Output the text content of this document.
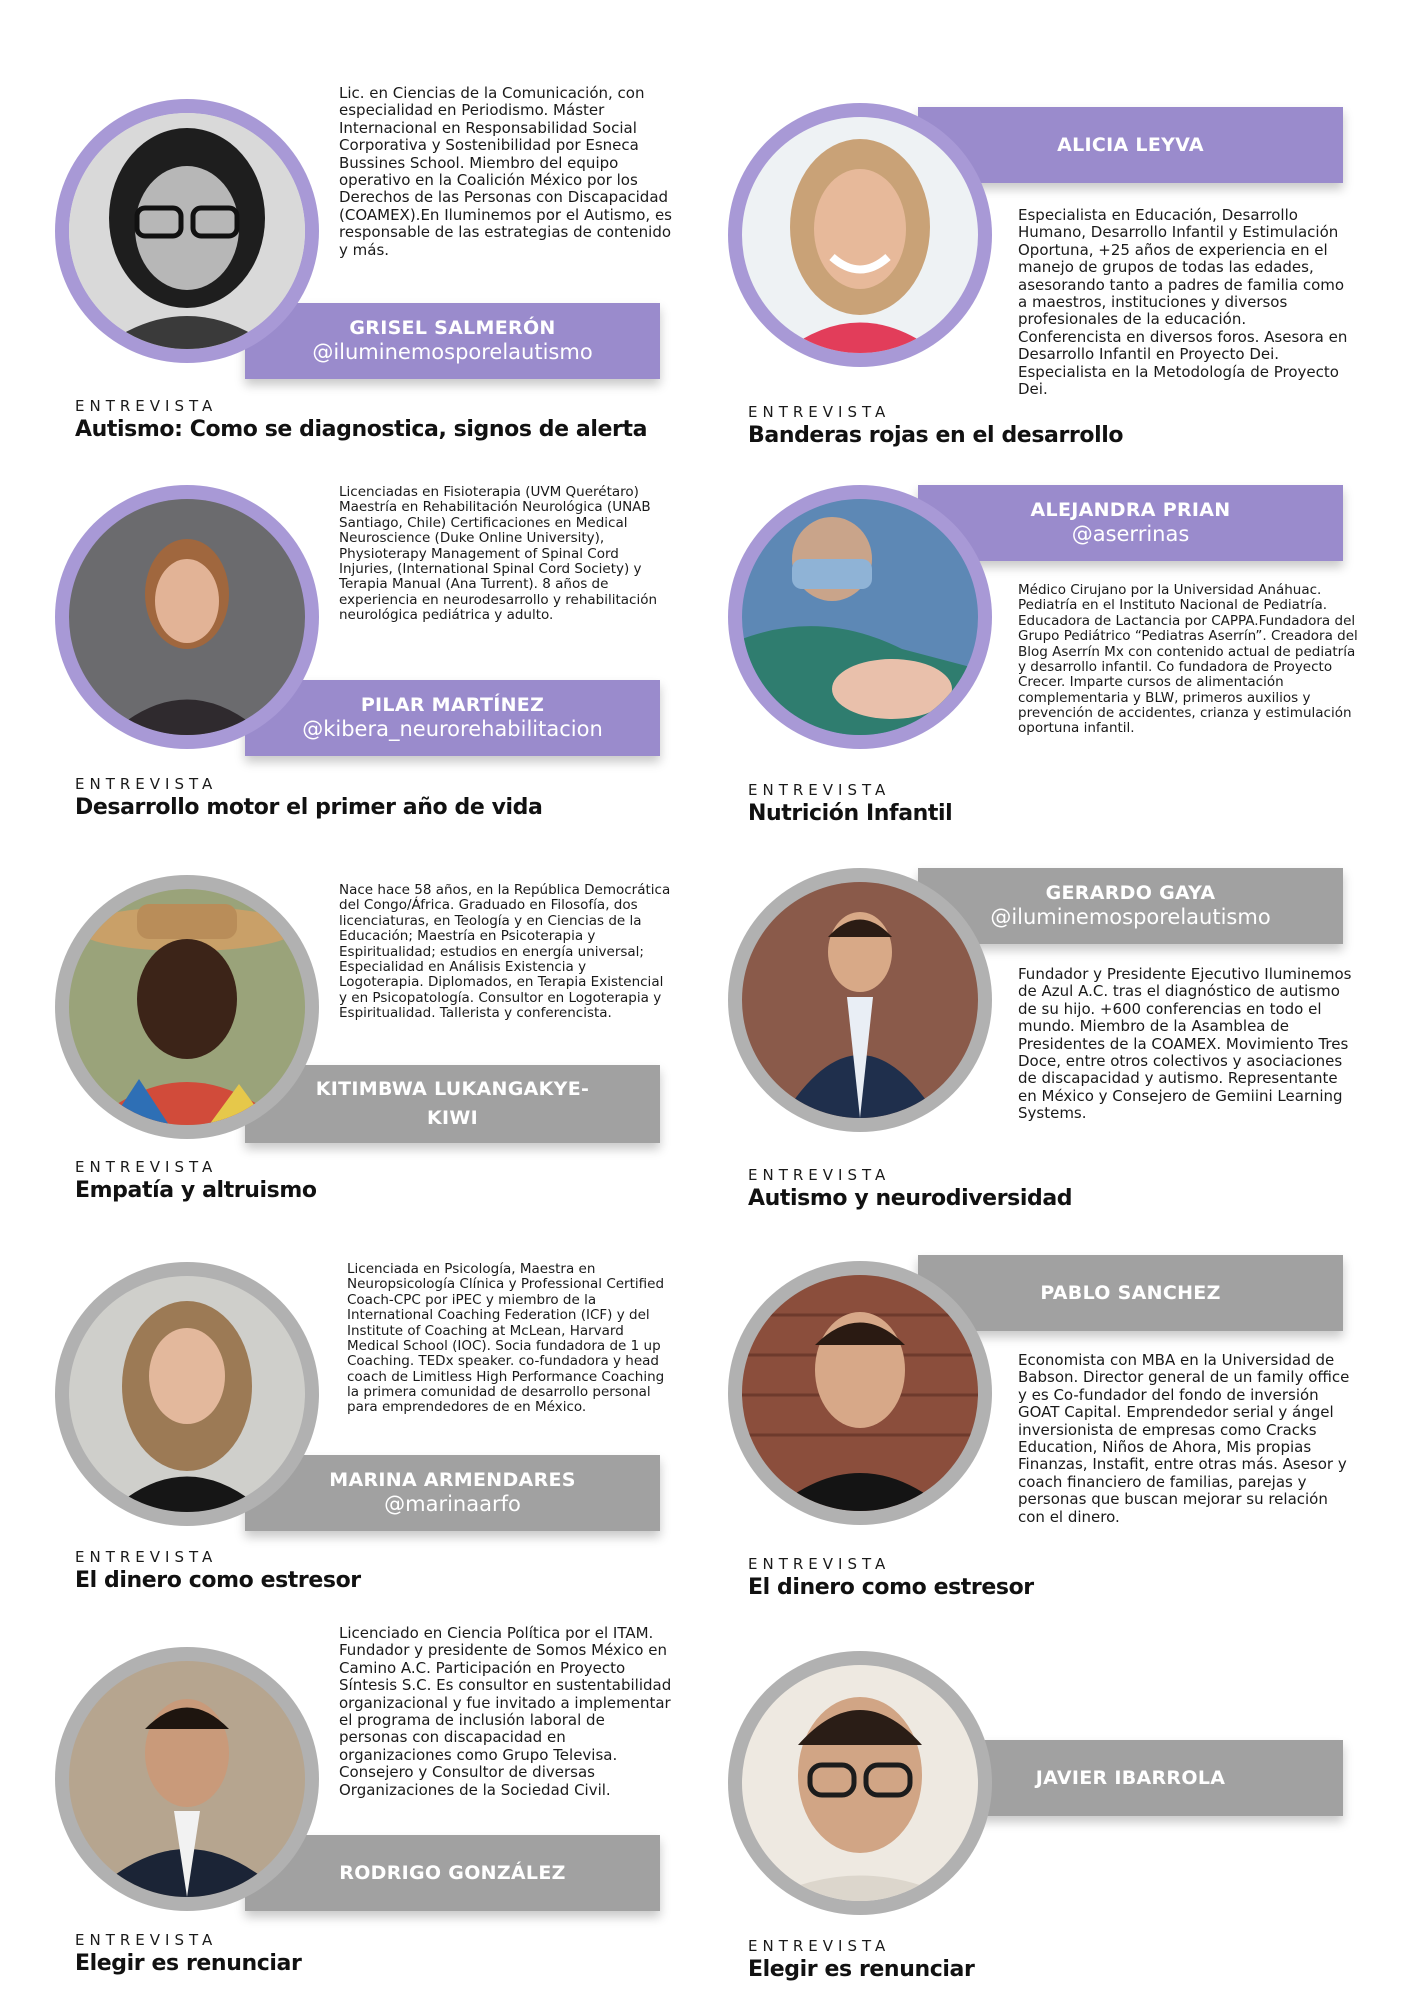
GRISEL SALMERÓN
@iluminemosporelautismo
Lic. en Ciencias de la Comunicación, con especialidad en Periodismo. Máster Internacional en Responsabilidad Social Corporativa y Sostenibilidad por Esneca Bussines School. Miembro del equipo operativo en la Coalición México por los Derechos de las Personas con Discapacidad (COAMEX).En Iluminemos por el Autismo, es responsable de las estrategias de contenido y más.
ENTREVISTA
Autismo: Como se diagnostica, signos de alerta
ALICIA LEYVA
Especialista en Educación, Desarrollo Humano, Desarrollo Infantil y Estimulación Oportuna, +25 años de experiencia en el manejo de grupos de todas las edades, asesorando tanto a padres de familia como a maestros, instituciones y diversos profesionales de la educación. Conferencista en diversos foros. Asesora en Desarrollo Infantil en Proyecto Dei. Especialista en la Metodología de Proyecto Dei.
ENTREVISTA
Banderas rojas en el desarrollo
PILAR MARTÍNEZ
@kibera_neurorehabilitacion
Licenciadas en Fisioterapia (UVM Querétaro) Maestría en Rehabilitación Neurológica (UNAB Santiago, Chile) Certificaciones en Medical Neuroscience (Duke Online University), Physioterapy Management of Spinal Cord Injuries, (International Spinal Cord Society) y Terapia Manual (Ana Turrent). 8 años de experiencia en neurodesarrollo y rehabilitación neurológica pediátrica y adulto.
ENTREVISTA
Desarrollo motor el primer año de vida
ALEJANDRA PRIAN
@aserrinas
Médico Cirujano por la Universidad Anáhuac. Pediatría en el Instituto Nacional de Pediatría. Educadora de Lactancia por CAPPA.Fundadora del Grupo Pediátrico “Pediatras Aserrín”. Creadora del Blog Aserrín Mx con contenido actual de pediatría y desarrollo infantil. Co fundadora de Proyecto Crecer. Imparte cursos de alimentación complementaria y BLW, primeros auxilios y prevención de accidentes, crianza y estimulación oportuna infantil.
ENTREVISTA
Nutrición Infantil
KITIMBWA LUKANGAKYE-KIWI
Nace hace 58 años, en la República Democrática del Congo/África. Graduado en Filosofía, dos licenciaturas, en Teología y en Ciencias de la Educación; Maestría en Psicoterapia y Espiritualidad; estudios en energía universal; Especialidad en Análisis Existencia y Logoterapia. Diplomados, en Terapia Existencial y en Psicopatología. Consultor en Logoterapia y Espiritualidad. Tallerista y conferencista.
ENTREVISTA
Empatía y altruismo
GERARDO GAYA
@iluminemosporelautismo
Fundador y Presidente Ejecutivo Iluminemos de Azul A.C. tras el diagnóstico de autismo de su hijo. +600 conferencias en todo el mundo. Miembro de la Asamblea de Presidentes de la COAMEX. Movimiento Tres Doce, entre otros colectivos y asociaciones de discapacidad y autismo. Representante en México y Consejero de Gemiini Learning Systems.
ENTREVISTA
Autismo y neurodiversidad
MARINA ARMENDARES
@marinaarfo
Licenciada en Psicología, Maestra en Neuropsicología Clínica y Professional Certified Coach-CPC por iPEC y miembro de la International Coaching Federation (ICF) y del Institute of Coaching at McLean, Harvard Medical School (IOC). Socia fundadora de 1 up Coaching. TEDx speaker. co-fundadora y head coach de Limitless High Performance Coaching la primera comunidad de desarrollo personal para emprendedores de en México.
ENTREVISTA
El dinero como estresor
PABLO SANCHEZ
Economista con MBA en la Universidad de Babson. Director general de un family office y es Co-fundador del fondo de inversión GOAT Capital. Emprendedor serial y ángel inversionista de empresas como Cracks Education, Niños de Ahora, Mis propias Finanzas, Instafit, entre otras más. Asesor y coach financiero de familias, parejas y personas que buscan mejorar su relación con el dinero.
ENTREVISTA
El dinero como estresor
RODRIGO GONZÁLEZ
Licenciado en Ciencia Política por el ITAM. Fundador y presidente de Somos México en Camino A.C. Participación en Proyecto Síntesis S.C. Es consultor en sustentabilidad organizacional y fue invitado a implementar el programa de inclusión laboral de personas con discapacidad en organizaciones como Grupo Televisa. Consejero y Consultor de diversas Organizaciones de la Sociedad Civil.
ENTREVISTA
Elegir es renunciar
JAVIER IBARROLA
ENTREVISTA
Elegir es renunciar
